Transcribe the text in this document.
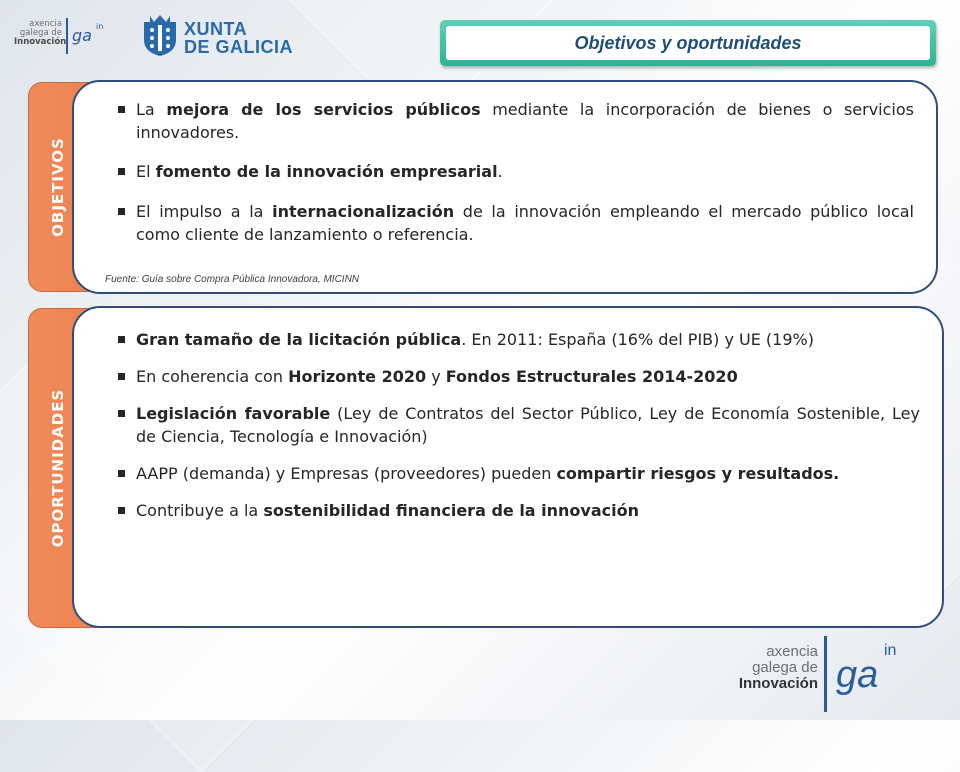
axencia
galega de
Innovación ga in	XUNTA
DE GALICIA	Objetivos y oportunidades
OBJETIVOS
La mejora de los servicios públicos mediante la incorporación de bienes o servicios innovadores.
El fomento de la innovación empresarial.
El impulso a la internacionalización de la innovación empleando el mercado público local como cliente de lanzamiento o referencia.
Fuente: Guía sobre Compra Pública Innovadora, MICINN
OPORTUNIDADES
Gran tamaño de la licitación pública. En 2011: España (16% del PIB) y UE (19%)
En coherencia con Horizonte 2020 y Fondos Estructurales 2014-2020
Legislación favorable (Ley de Contratos del Sector Público, Ley de Economía Sostenible, Ley de Ciencia, Tecnología e Innovación)
AAPP (demanda) y Empresas (proveedores) pueden compartir riesgos y resultados.
Contribuye a la sostenibilidad financiera de la innovación
axencia
galega de
Innovación ga
in
